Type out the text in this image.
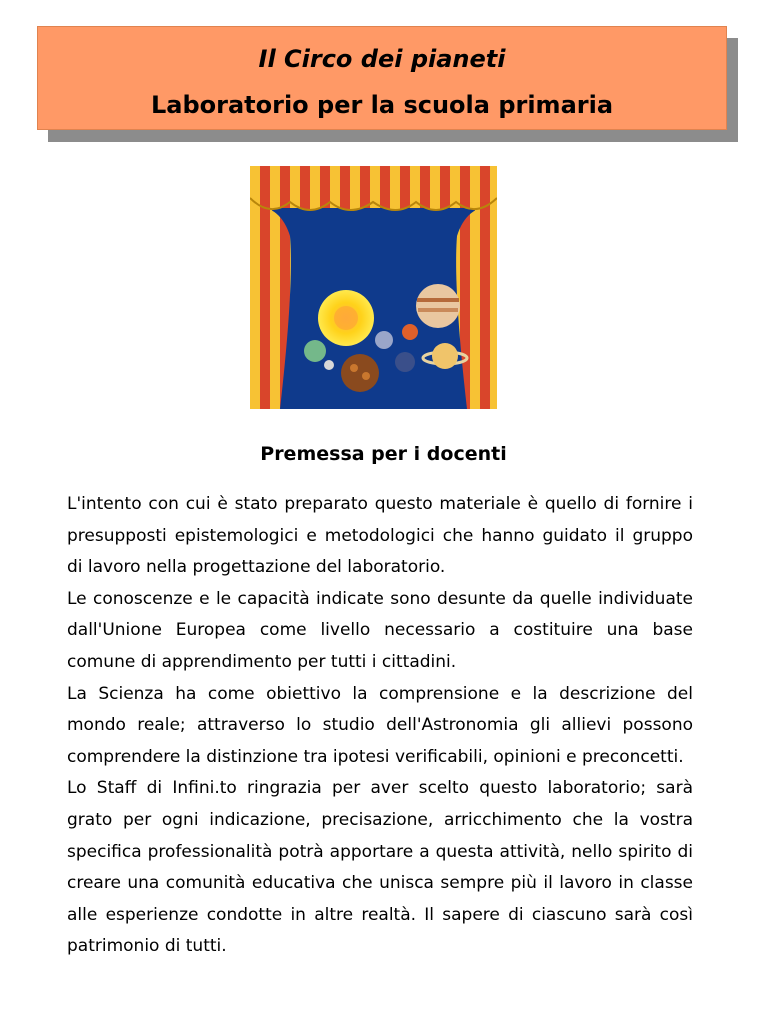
Il Circo dei pianeti
Laboratorio per la scuola primaria
Premessa per i docenti

L'intento con cui è stato preparato questo materiale è quello di fornire i presupposti epistemologici e metodologici che hanno guidato il gruppo di lavoro nella progettazione del laboratorio.

Le conoscenze e le capacità indicate sono desunte da quelle individuate dall'Unione Europea come livello necessario a costituire una base comune di apprendimento per tutti i cittadini.

La Scienza ha come obiettivo la comprensione e la descrizione del mondo reale; attraverso lo studio dell'Astronomia gli allievi possono comprendere la distinzione tra ipotesi verificabili, opinioni e preconcetti.

Lo Staff di Infini.to ringrazia per aver scelto questo laboratorio; sarà grato per ogni indicazione, precisazione, arricchimento che la vostra specifica professionalità potrà apportare a questa attività, nello spirito di creare una comunità educativa che unisca sempre più il lavoro in classe alle esperienze condotte in altre realtà. Il sapere di ciascuno sarà così patrimonio di tutti.
